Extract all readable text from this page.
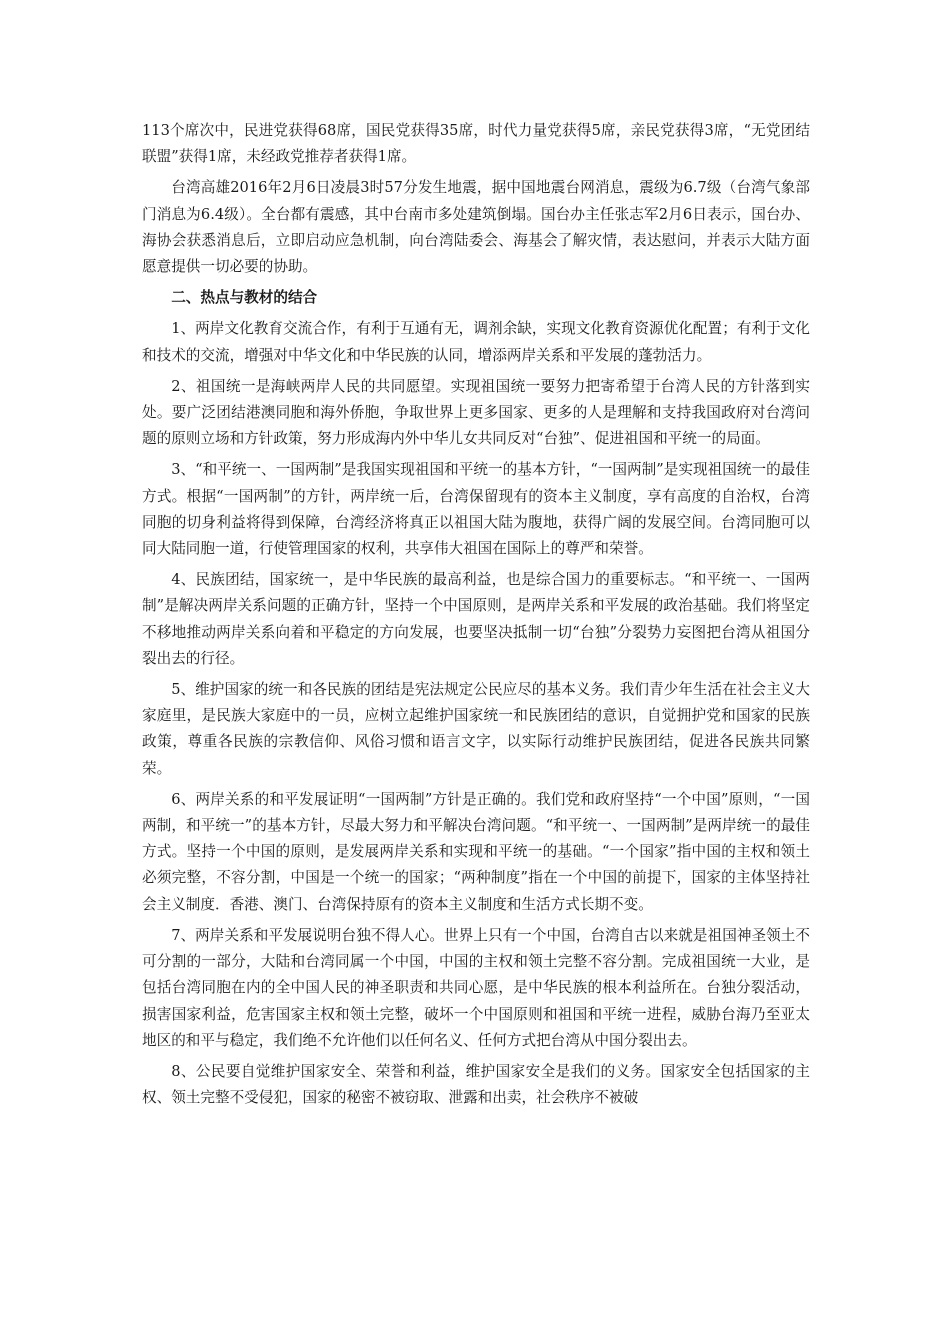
113个席次中，民进党获得68席，国民党获得35席，时代力量党获得5席，亲民党获得3席，“无党团结联盟”获得1席，未经政党推荐者获得1席。

台湾高雄2016年2月6日凌晨3时57分发生地震，据中国地震台网消息，震级为6.7级（台湾气象部门消息为6.4级）。全台都有震感，其中台南市多处建筑倒塌。国台办主任张志军2月6日表示，国台办、海协会获悉消息后，立即启动应急机制，向台湾陆委会、海基会了解灾情，表达慰问，并表示大陆方面愿意提供一切必要的协助。

二、热点与教材的结合

1、两岸文化教育交流合作，有利于互通有无，调剂余缺，实现文化教育资源优化配置；有利于文化和技术的交流，增强对中华文化和中华民族的认同，增添两岸关系和平发展的蓬勃活力。

2、祖国统一是海峡两岸人民的共同愿望。实现祖国统一要努力把寄希望于台湾人民的方针落到实处。要广泛团结港澳同胞和海外侨胞，争取世界上更多国家、更多的人是理解和支持我国政府对台湾问题的原则立场和方针政策，努力形成海内外中华儿女共同反对“台独”、促进祖国和平统一的局面。

3、“和平统一、一国两制”是我国实现祖国和平统一的基本方针，“一国两制”是实现祖国统一的最佳方式。根据“一国两制”的方针，两岸统一后，台湾保留现有的资本主义制度，享有高度的自治权，台湾同胞的切身利益将得到保障，台湾经济将真正以祖国大陆为腹地，获得广阔的发展空间。台湾同胞可以同大陆同胞一道，行使管理国家的权利，共享伟大祖国在国际上的尊严和荣誉。

4、民族团结，国家统一，是中华民族的最高利益，也是综合国力的重要标志。“和平统一、一国两制”是解决两岸关系问题的正确方针，坚持一个中国原则，是两岸关系和平发展的政治基础。我们将坚定不移地推动两岸关系向着和平稳定的方向发展，也要坚决抵制一切“台独”分裂势力妄图把台湾从祖国分裂出去的行径。

5、维护国家的统一和各民族的团结是宪法规定公民应尽的基本义务。我们青少年生活在社会主义大家庭里，是民族大家庭中的一员，应树立起维护国家统一和民族团结的意识，自觉拥护党和国家的民族政策，尊重各民族的宗教信仰、风俗习惯和语言文字，以实际行动维护民族团结，促进各民族共同繁荣。

6、两岸关系的和平发展证明“一国两制”方针是正确的。我们党和政府坚持“一个中国”原则，“一国两制，和平统一”的基本方针，尽最大努力和平解决台湾问题。“和平统一、一国两制”是两岸统一的最佳方式。坚持一个中国的原则，是发展两岸关系和实现和平统一的基础。“一个国家”指中国的主权和领土必须完整，不容分割，中国是一个统一的国家；“两种制度”指在一个中国的前提下，国家的主体坚持社会主义制度．香港、澳门、台湾保持原有的资本主义制度和生活方式长期不变。

7、两岸关系和平发展说明台独不得人心。世界上只有一个中国，台湾自古以来就是祖国神圣领土不可分割的一部分，大陆和台湾同属一个中国，中国的主权和领土完整不容分割。完成祖国统一大业，是包括台湾同胞在内的全中国人民的神圣职责和共同心愿，是中华民族的根本利益所在。台独分裂活动，损害国家利益，危害国家主权和领土完整，破坏一个中国原则和祖国和平统一进程，威胁台海乃至亚太地区的和平与稳定，我们绝不允许他们以任何名义、任何方式把台湾从中国分裂出去。

8、公民要自觉维护国家安全、荣誉和利益，维护国家安全是我们的义务。国家安全包括国家的主权、领土完整不受侵犯，国家的秘密不被窃取、泄露和出卖，社会秩序不被破
